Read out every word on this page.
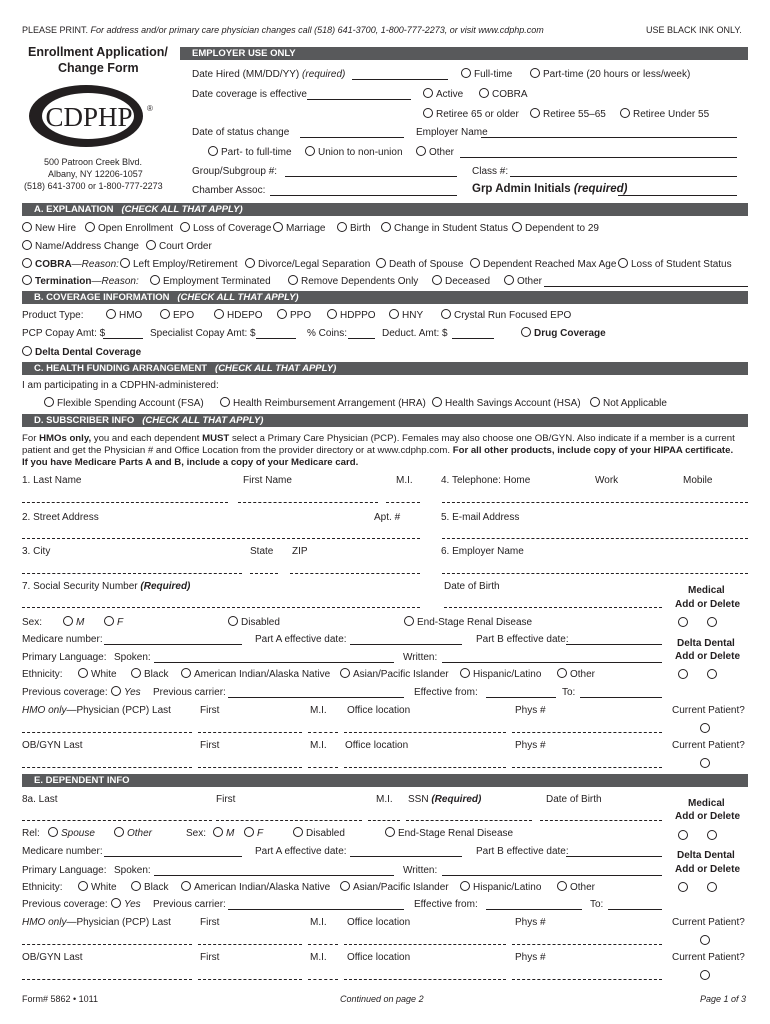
PLEASE PRINT. For address and/or primary care physician changes call (518) 641-3700, 1-800-777-2273, or visit www.cdphp.com	USE BLACK INK ONLY.
Enrollment Application/
Change Form
CDPHP ®
500 Patroon Creek Blvd.
Albany, NY 12206-1057
(518) 641-3700 or 1-800-777-2273
EMPLOYER USE ONLY
Date Hired (MM/DD/YY) (required)	Full-time	Part-time (20 hours or less/week)
Date coverage is effective	Active	COBRA
Retiree 65 or older Retiree 55–65	Retiree Under 55
Date of status change	Employer Name
Part- to full-time	Union to non-union	Other
Group/Subgroup #:	Class #:
Chamber Assoc:	Grp Admin Initials (required)
A. EXPLANATION (CHECK ALL THAT APPLY)
New Hire Open Enrollment Loss of Coverage Marriage Birth Change in Student Status Dependent to 29
Name/Address Change Court Order
COBRA—Reason: Left Employ/Retirement Divorce/Legal Separation Death of Spouse Dependent Reached Max Age Loss of Student Status
Termination—Reason: Employment Terminated	Remove Dependents Only	Deceased	Other
B. COVERAGE INFORMATION (CHECK ALL THAT APPLY)
Product Type:	HMO	EPO	HDEPO	PPO	HDPPO	HNY	Crystal Run Focused EPO
PCP Copay Amt: $	Specialist Copay Amt: $	% Coins:	Deduct. Amt: $	Drug Coverage
Delta Dental Coverage
C. HEALTH FUNDING ARRANGEMENT (CHECK ALL THAT APPLY)
I am participating in a CDPHN-administered:
Flexible Spending Account (FSA)	Health Reimbursement Arrangement (HRA) Health Savings Account (HSA) Not Applicable
D. SUBSCRIBER INFO (CHECK ALL THAT APPLY)
For HMOs only, you and each dependent MUST select a Primary Care Physician (PCP). Females may also choose one OB/GYN. Also indicate if a member is a current
patient and get the Physician # and Office Location from the provider directory or at www.cdphp.com. For all other products, include copy of your HIPAA certificate.
If you have Medicare Parts A and B, include a copy of your Medicare card.
1. Last Name	First Name	M.I.	4. Telephone: Home	Work	Mobile
2. Street Address	Apt. #	5. E-mail Address
3. City	State ZIP	6. Employer Name
7. Social Security Number (Required)	Date of Birth	Medical
Add or Delete
Delta Dental
Add or Delete
Sex:	M	F	Disabled	End-Stage Renal Disease
Medicare number:	Part A effective date:	Part B effective date:
Primary Language: Spoken:	Written:
Ethnicity:	White	Black	American Indian/Alaska Native Asian/Pacific Islander Hispanic/Latino	Other
Previous coverage: Yes Previous carrier:	Effective from:	To:
HMO only—Physician (PCP) Last	First	M.I. Office location	Phys #	Current Patient?
OB/GYN Last	First	M.I. Office location	Phys #	Current Patient?
E. DEPENDENT INFO
8a. Last	First	M.I. SSN (Required)	Date of Birth	Medical
Add or Delete
Delta Dental
Add or Delete
Rel: Spouse	Other	Sex: M F	Disabled	End-Stage Renal Disease
Medicare number:	Part A effective date:	Part B effective date:
Primary Language: Spoken:	Written:
Ethnicity:	White	Black	American Indian/Alaska Native Asian/Pacific Islander Hispanic/Latino	Other
Previous coverage: Yes Previous carrier:	Effective from:	To:
HMO only—Physician (PCP) Last	First	M.I. Office location	Phys #	Current Patient?
OB/GYN Last	First	M.I. Office location	Phys #	Current Patient?
Form# 5862 • 1011	Continued on page 2	Page 1 of 3
